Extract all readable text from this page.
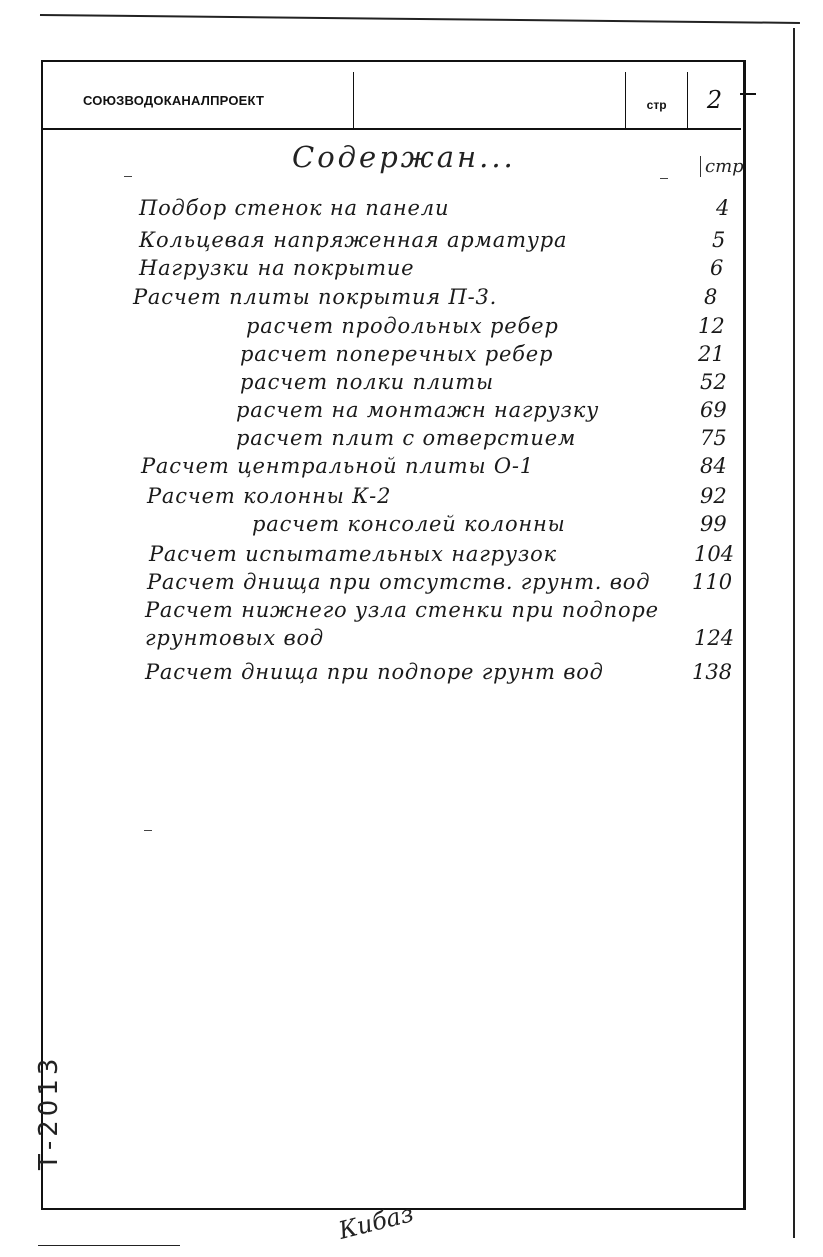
СОЮЗВОДОКАНАЛПРОЕКТ	стр	2
Содержан...	стр
Подбор стенок на панели	4
Кольцевая напряженная арматура	5
Нагрузки на покрытие	6
Расчет плиты покрытия П-3.	8
расчет продольных ребер	12
расчет поперечных ребер	21
расчет полки плиты	52
расчет на монтажн нагрузку	69
расчет плит с отверстием	75
Расчет центральной плиты О-1	84
Расчет колонны К-2	92
расчет консолей колонны	99
Расчет испытательных нагрузок	104
Расчет днища при отсутств. грунт. вод 110
Расчет нижнего узла стенки при подпоре
грунтовых вод	124
Расчет днища при подпоре грунт вод	138
Т-2013
Кибаз
